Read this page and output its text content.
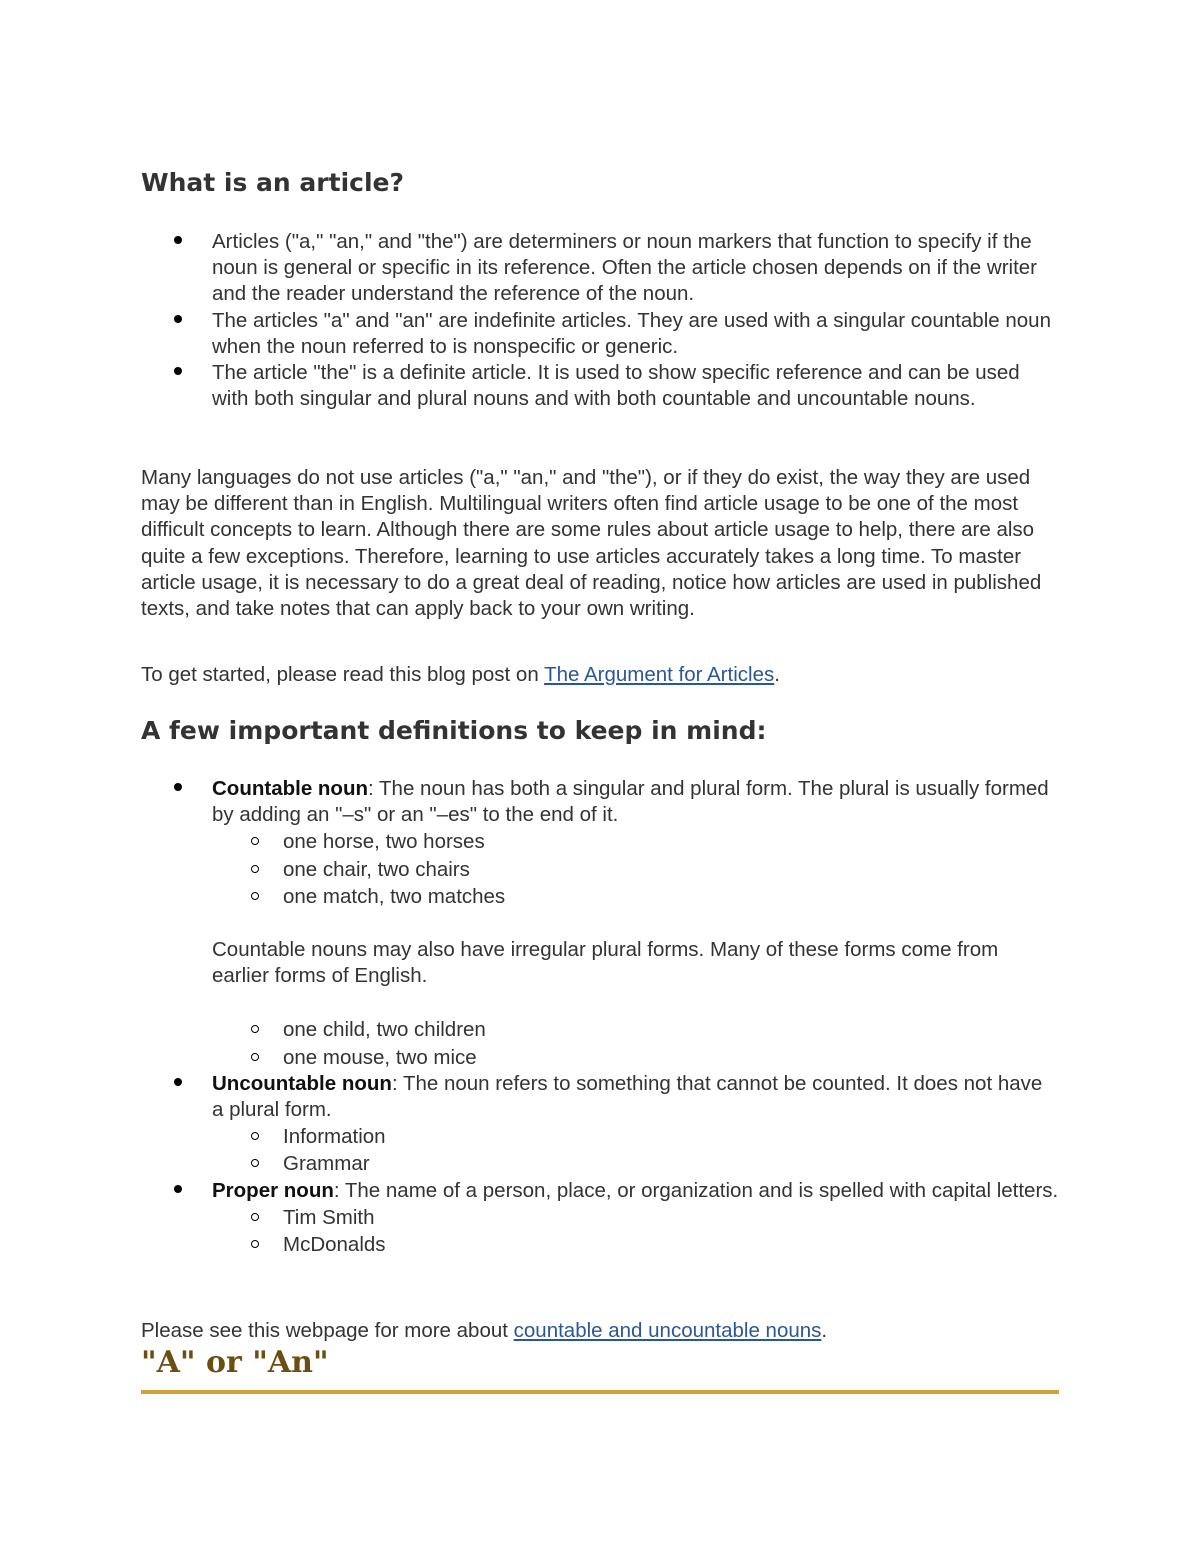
What is an article?
Articles ("a," "an," and "the") are determiners or noun markers that function to specify if the noun is general or specific in its reference. Often the article chosen depends on if the writer and the reader understand the reference of the noun.
The articles "a" and "an" are indefinite articles. They are used with a singular countable noun when the noun referred to is nonspecific or generic.
The article "the" is a definite article. It is used to show specific reference and can be used with both singular and plural nouns and with both countable and uncountable nouns.

Many languages do not use articles ("a," "an," and "the"), or if they do exist, the way they are used may be different than in English. Multilingual writers often find article usage to be one of the most difficult concepts to learn. Although there are some rules about article usage to help, there are also quite a few exceptions. Therefore, learning to use articles accurately takes a long time. To master article usage, it is necessary to do a great deal of reading, notice how articles are used in published texts, and take notes that can apply back to your own writing.

To get started, please read this blog post on The Argument for Articles.

A few important definitions to keep in mind:
Countable noun: The noun has both a singular and plural form. The plural is usually formed by adding an "–s" or an "–es" to the end of it.
one horse, two horses
one chair, two chairs
one match, two matches
Countable nouns may also have irregular plural forms. Many of these forms come from earlier forms of English.
one child, two children
one mouse, two mice
Uncountable noun: The noun refers to something that cannot be counted. It does not have a plural form.
Information
Grammar
Proper noun: The name of a person, place, or organization and is spelled with capital letters.
Tim Smith
McDonalds

Please see this webpage for more about countable and uncountable nouns.

"A" or "An"
